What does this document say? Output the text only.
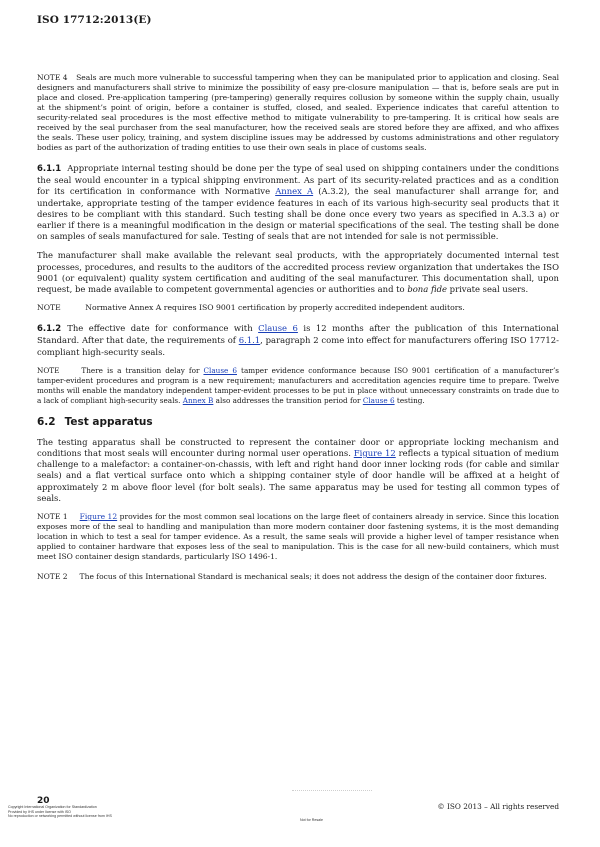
ISO 17712:2013(E)

NOTE 4 Seals are much more vulnerable to successful tampering when they can be manipulated prior to application and closing. Seal designers and manufacturers shall strive to minimize the possibility of easy pre-closure manipulation — that is, before seals are put in place and closed. Pre-application tampering (pre-tampering) generally requires collusion by someone within the supply chain, usually at the shipment’s point of origin, before a container is stuffed, closed, and sealed. Experience indicates that careful attention to security-related seal procedures is the most effective method to mitigate vulnerability to pre-tampering. It is critical how seals are received by the seal purchaser from the seal manufacturer, how the received seals are stored before they are affixed, and who affixes the seals. These user policy, training, and system discipline issues may be addressed by customs administrations and other regulatory bodies as part of the authorization of trading entities to use their own seals in place of customs seals.

6.1.1 Appropriate internal testing should be done per the type of seal used on shipping containers under the conditions the seal would encounter in a typical shipping environment. As part of its security-related practices and as a condition for its certification in conformance with Normative Annex A (A.3.2), the seal manufacturer shall arrange for, and undertake, appropriate testing of the tamper evidence features in each of its various high-security seal products that it desires to be compliant with this standard. Such testing shall be done once every two years as specified in A.3.3 a) or earlier if there is a meaningful modification in the design or material specifications of the seal. The testing shall be done on samples of seals manufactured for sale. Testing of seals that are not intended for sale is not permissible.

The manufacturer shall make available the relevant seal products, with the appropriately documented internal test processes, procedures, and results to the auditors of the accredited process review organization that undertakes the ISO 9001 (or equivalent) quality system certification and auditing of the seal manufacturer. This documentation shall, upon request, be made available to competent governmental agencies or authorities and to bona fide private seal users.

NOTE	Normative Annex A requires ISO 9001 certification by properly accredited independent auditors.

6.1.2 The effective date for conformance with Clause 6 is 12 months after the publication of this International Standard. After that date, the requirements of 6.1.1, paragraph 2 come into effect for manufacturers offering ISO 17712-compliant high-security seals.

NOTE	There is a transition delay for Clause 6 tamper evidence conformance because ISO 9001 certification of a manufacturer’s tamper-evident procedures and program is a new requirement; manufacturers and accreditation agencies require time to prepare. Twelve months will enable the mandatory independent tamper-evident processes to be put in place without unnecessary constraints on trade due to a lack of compliant high-security seals. Annex B also addresses the transition period for Clause 6 testing.

6.2 Test apparatus

The testing apparatus shall be constructed to represent the container door or appropriate locking mechanism and conditions that most seals will encounter during normal user operations. Figure 12 reflects a typical situation of medium challenge to a malefactor: a container-on-chassis, with left and right hand door inner locking rods (for cable and similar seals) and a flat vertical surface onto which a shipping container style of door handle will be affixed at a height of approximately 2 m above floor level (for bolt seals). The same apparatus may be used for testing all common types of seals.

NOTE 1 Figure 12 provides for the most common seal locations on the large fleet of containers already in service. Since this location exposes more of the seal to handling and manipulation than more modern container door fastening systems, it is the most demanding location in which to test a seal for tamper evidence. As a result, the same seals will provide a higher level of tamper resistance when applied to container hardware that exposes less of the seal to manipulation. This is the case for all new-build containers, which must meet ISO container design standards, particularly ISO 1496-1.

NOTE 2 The focus of this International Standard is mechanical seals; it does not address the design of the container door fixtures.

20
© ISO 2013 – All rights reserved
Copyright International Organization for Standardization
Provided by IHS under license with ISO
No reproduction or networking permitted without license from IHS
Not for Resale
